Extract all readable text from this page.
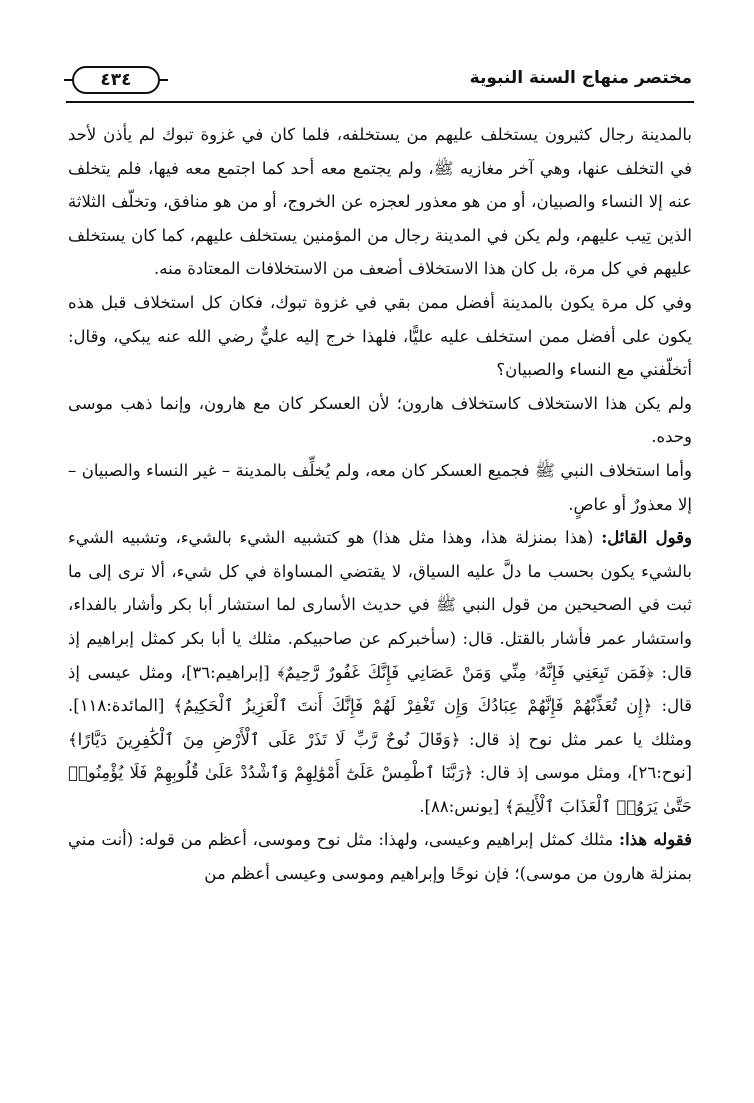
مختصر منهاج السنة النبوية
٤٣٤

بالمدينة رجال كثيرون يستخلف عليهم من يستخلفه، فلما كان في غزوة تبوك لم يأذن لأحد في التخلف عنها، وهي آخر مغازيه ﷺ، ولم يجتمع معه أحد كما اجتمع معه فيها، فلم يتخلف عنه إلا النساء والصبيان، أو من هو معذور لعجزه عن الخروج، أو من هو منافق، وتخلّف الثلاثة الذين تِيب عليهم، ولم يكن في المدينة رجال من المؤمنين يستخلف عليهم، كما كان يستخلف عليهم في كل مرة، بل كان هذا الاستخلاف أضعف من الاستخلافات المعتادة منه.

وفي كل مرة يكون بالمدينة أفضل ممن بقي في غزوة تبوك، فكان كل استخلاف قبل هذه يكون على أفضل ممن استخلف عليه عليًّا، فلهذا خرج إليه عليٌّ رضي الله عنه يبكي، وقال: أتخلّفني مع النساء والصبيان؟

ولم يكن هذا الاستخلاف كاستخلاف هارون؛ لأن العسكر كان مع هارون، وإنما ذهب موسى وحده.

وأما استخلاف النبي ﷺ فجميع العسكر كان معه، ولم يُخلِّف بالمدينة – غير النساء والصبيان – إلا معذورٌ أو عاصٍ.

وقول القائل: (هذا بمنزلة هذا، وهذا مثل هذا) هو كتشبيه الشيء بالشيء، وتشبيه الشيء بالشيء يكون بحسب ما دلَّ عليه السياق، لا يقتضي المساواة في كل شيء، ألا ترى إلى ما ثبت في الصحيحين من قول النبي ﷺ في حديث الأسارى لما استشار أبا بكر وأشار بالفداء، واستشار عمر فأشار بالقتل. قال: (سأخبركم عن صاحبيكم. مثلك يا أبا بكر كمثل إبراهيم إذ قال: ﴿فَمَن تَبِعَنِي فَإِنَّهُۥ مِنِّي وَمَنْ عَصَانِي فَإِنَّكَ غَفُورٌ رَّحِيمٌ﴾ [إبراهيم:٣٦]، ومثل عيسى إذ قال: ﴿إِن تُعَذِّبْهُمْ فَإِنَّهُمْ عِبَادُكَ وَإِن تَغْفِرْ لَهُمْ فَإِنَّكَ أَنتَ ٱلْعَزِيزُ ٱلْحَكِيمُ﴾ [المائدة:١١٨]. ومثلك يا عمر مثل نوح إذ قال: ﴿وَقَالَ نُوحٌ رَّبِّ لَا تَذَرْ عَلَى ٱلْأَرْضِ مِنَ ٱلْكَٰفِرِينَ دَيَّارًا﴾ [نوح:٢٦]، ومثل موسى إذ قال: ﴿رَبَّنَا ٱطْمِسْ عَلَىٰٓ أَمْوَٰلِهِمْ وَٱشْدُدْ عَلَىٰ قُلُوبِهِمْ فَلَا يُؤْمِنُوا۟ حَتَّىٰ يَرَوُا۟ ٱلْعَذَابَ ٱلْأَلِيمَ﴾ [يونس:٨٨].

فقوله هذا: مثلك كمثل إبراهيم وعيسى، ولهذا: مثل نوح وموسى، أعظم من قوله: (أنت مني بمنزلة هارون من موسى)؛ فإن نوحًا وإبراهيم وموسى وعيسى أعظم من
